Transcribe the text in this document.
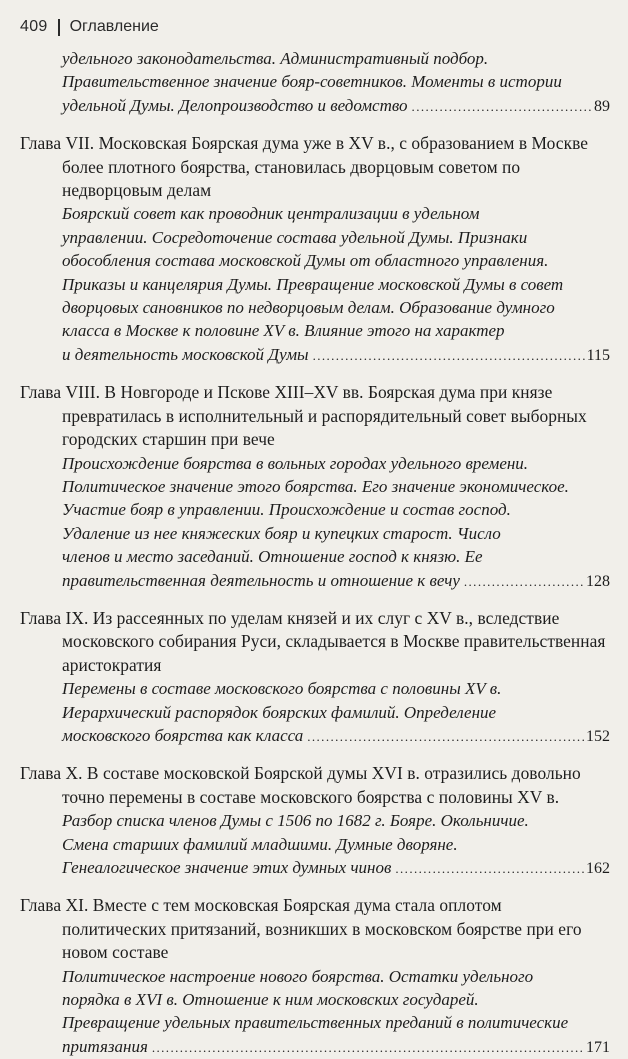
409 Оглавление
удельного законодательства. Административный подбор.
Правительственное значение бояр-советников. Моменты в истории
удельной Думы. Делопроизводство и ведомство .....	89
Глава VII. Московская Боярская дума уже в XV в., с образованием в Москве более плотного боярства, становилась дворцовым советом по недворцовым делам
Боярский совет как проводник централизации в удельном
управлении. Сосредоточение состава удельной Думы. Признаки
обособления состава московской Думы от областного управления.
Приказы и канцелярия Думы. Превращение московской Думы в совет
дворцовых сановников по недворцовым делам. Образование думного
класса в Москве к половине XV в. Влияние этого на характер
и деятельность московской Думы .....	115
Глава VIII. В Новгороде и Пскове XIII–XV вв. Боярская дума при князе превратилась в исполнительный и распорядительный совет выборных городских старшин при вече
Происхождение боярства в вольных городах удельного времени.
Политическое значение этого боярства. Его значение экономическое.
Участие бояр в управлении. Происхождение и состав господ.
Удаление из нее княжеских бояр и купецких старост. Число
членов и место заседаний. Отношение господ к князю. Ее
правительственная деятельность и отношение к вечу .....	128
Глава IX. Из рассеянных по уделам князей и их слуг с XV в., вследствие московского собирания Руси, складывается в Москве правительственная аристократия
Перемены в составе московского боярства с половины XV в.
Иерархический распорядок боярских фамилий. Определение
московского боярства как класса .....	152
Глава X. В составе московской Боярской думы XVI в. отразились довольно точно перемены в составе московского боярства с половины XV в.
Разбор списка членов Думы с 1506 по 1682 г. Бояре. Окольничие.
Смена старших фамилий младшими. Думные дворяне.
Генеалогическое значение этих думных чинов .....	162
Глава XI. Вместе с тем московская Боярская дума стала оплотом политических притязаний, возникших в московском боярстве при его новом составе
Политическое настроение нового боярства. Остатки удельного
порядка в XVI в. Отношение к ним московских государей.
Превращение удельных правительственных преданий в политические
притязания .....	171
